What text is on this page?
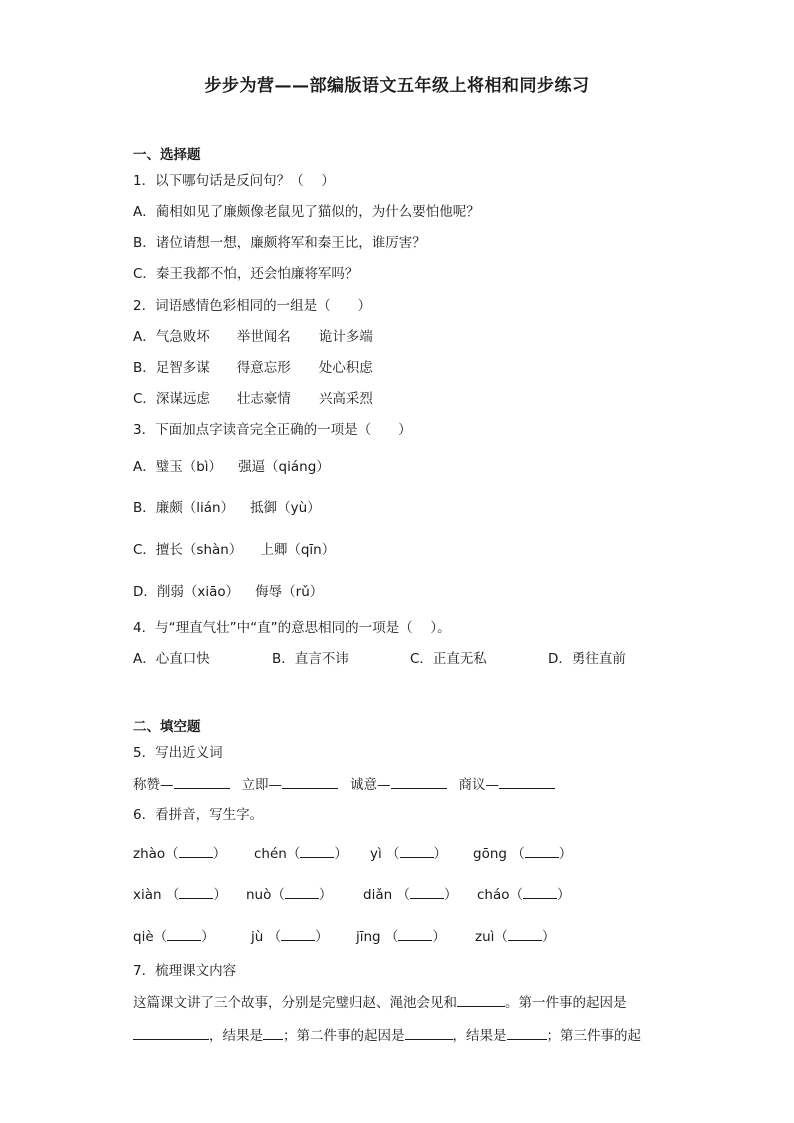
步步为营——部编版语文五年级上将相和同步练习
一、选择题
1．以下哪句话是反问句？（　 ）
A．蔺相如见了廉颇像老鼠见了猫似的，为什么要怕他呢？
B．诸位请想一想，廉颇将军和秦王比，谁厉害？
C．秦王我都不怕，还会怕廉将军吗？
2．词语感情色彩相同的一组是（　　）
A．气急败坏 举世闻名 诡计多端
B．足智多谋 得意忘形 处心积虑
C．深谋远虑 壮志豪情 兴高采烈
3．下面加点字读音完全正确的一项是（　　）
A．璧玉（bì） 强逼（qiáng）
B．廉颇（lián） 抵御（yù）
C．擅长（shàn） 上卿（qīn）
D．削弱（xiāo） 侮辱（rǔ）
4．与“理直气壮”中“直”的意思相同的一项是（　 ）。
A．心直口快	B．直言不讳	C．正直无私	D．勇往直前
二、填空题
5．写出近义词
称赞—	立即—	诚意—	商议—
6．看拼音，写生字。
zhào（	） chén（	） yì （	） gōng （	）
xiàn （	） nuò（	） diǎn （	） cháo（	）
qiè（	）	jù （	） jīng （	） zuì（	）
7．梳理课文内容
这篇课文讲了三个故事，分别是完璧归赵、渑池会见和	。第一件事的起因是
，结果是 ；第二件事的起因是	，结果是	；第三件事的起
